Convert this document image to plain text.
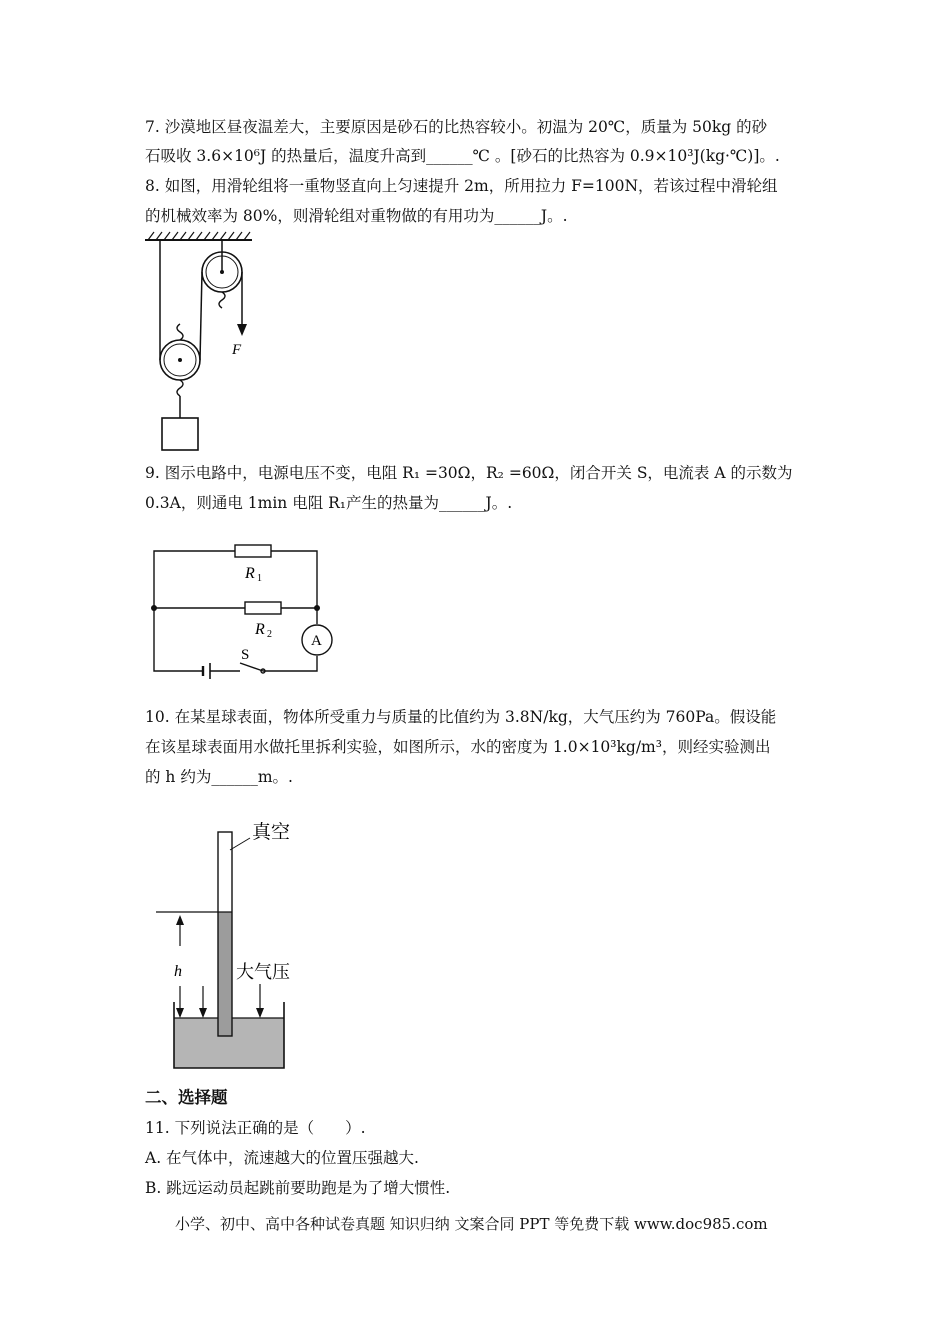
7. 沙漠地区昼夜温差大，主要原因是砂石的比热容较小。初温为 20℃，质量为 50kg 的砂
石吸收 3.6×10⁶J 的热量后，温度升高到______℃ 。[砂石的比热容为 0.9×10³J(kg·℃)]。.
8. 如图，用滑轮组将一重物竖直向上匀速提升 2m，所用拉力 F=100N，若该过程中滑轮组
的机械效率为 80%，则滑轮组对重物做的有用功为______J。.
F
9. 图示电路中，电源电压不变，电阻 R₁ =30Ω，R₂ =60Ω，闭合开关 S，电流表 A 的示数为
0.3A，则通电 1min 电阻 R₁产生的热量为______J。.
R 1
R 2	A
S
10. 在某星球表面，物体所受重力与质量的比值约为 3.8N/kg，大气压约为 760Pa。假设能
在该星球表面用水做托里拆利实验，如图所示，水的密度为 1.0×10³kg/m³，则经实验测出
的 h 约为______m。.
h
真空
大气压
二、选择题
11. 下列说法正确的是（　　）.
A. 在气体中，流速越大的位置压强越大.
B. 跳远运动员起跳前要助跑是为了增大惯性.
小学、初中、高中各种试卷真题 知识归纳 文案合同 PPT 等免费下载 www.doc985.com
